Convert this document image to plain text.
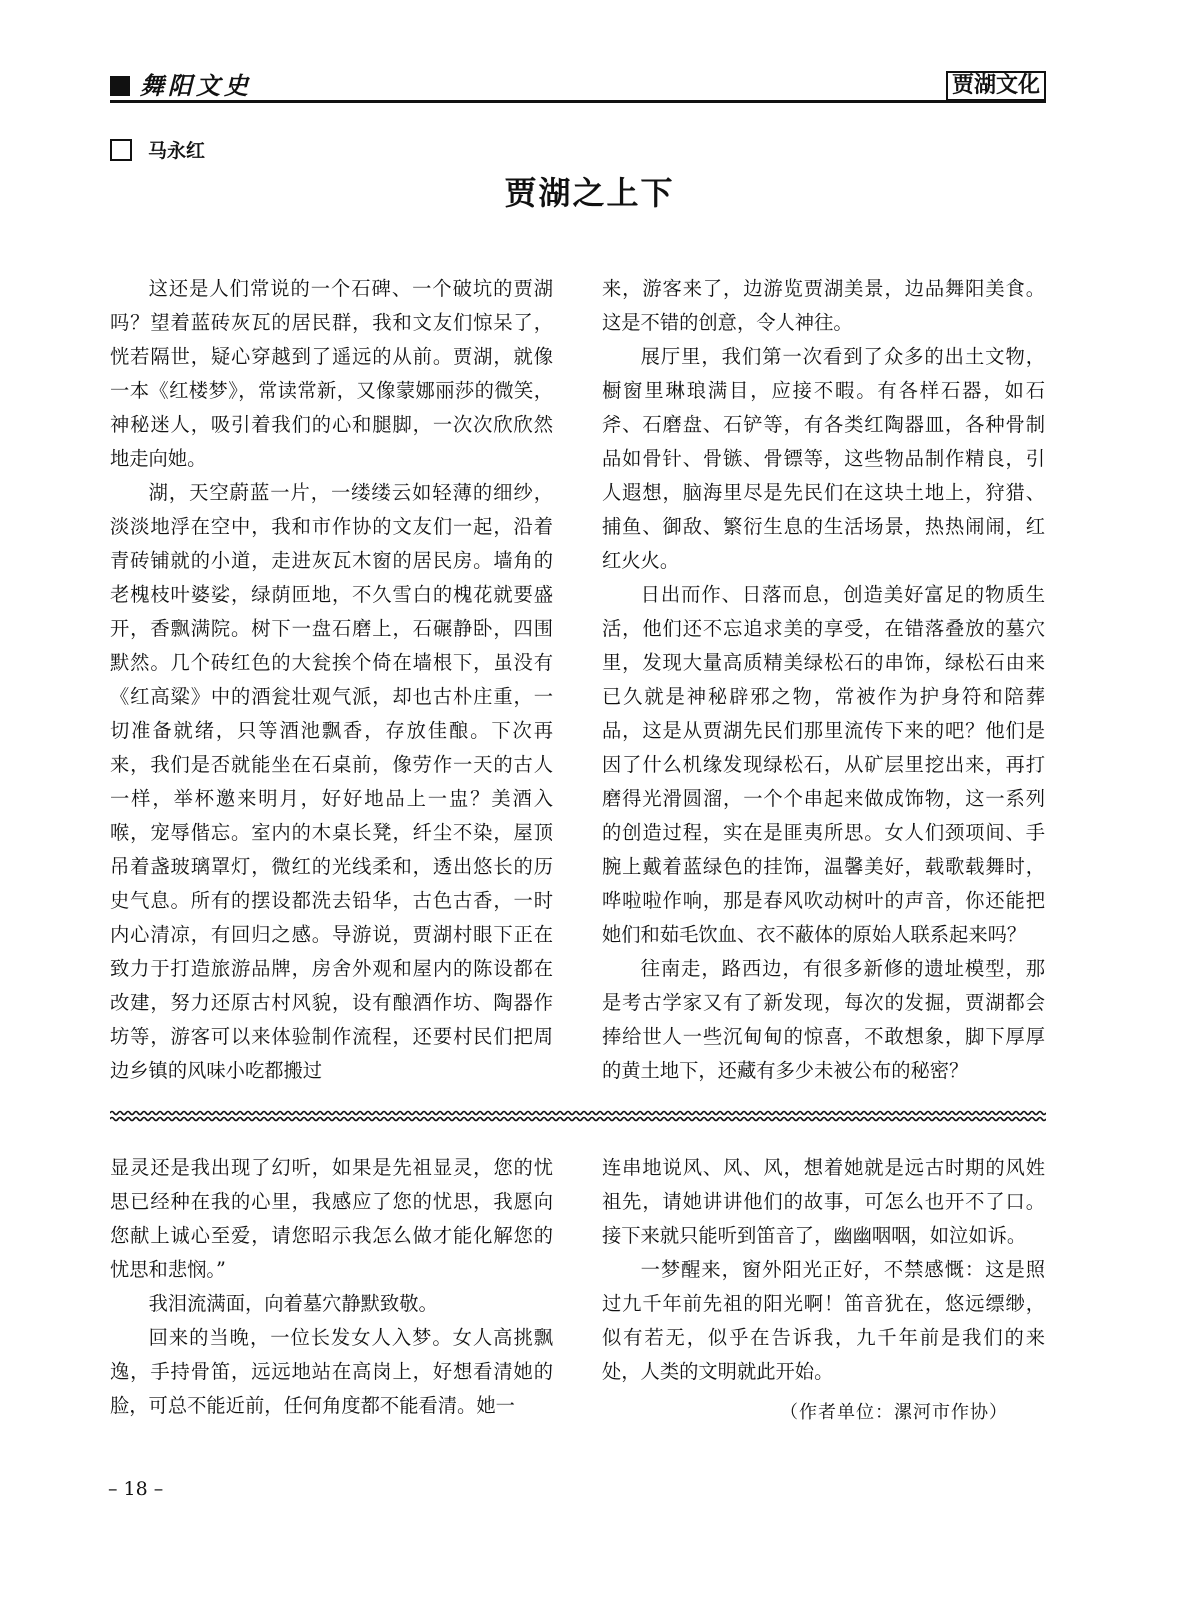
舞阳文史	贾湖文化
马永红
贾湖之上下

这还是人们常说的一个石碑、一个破坑的贾湖吗？望着蓝砖灰瓦的居民群，我和文友们惊呆了，恍若隔世，疑心穿越到了遥远的从前。贾湖，就像一本《红楼梦》，常读常新，又像蒙娜丽莎的微笑，神秘迷人，吸引着我们的心和腿脚，一次次欣欣然地走向她。

湖，天空蔚蓝一片，一缕缕云如轻薄的细纱，淡淡地浮在空中，我和市作协的文友们一起，沿着青砖铺就的小道，走进灰瓦木窗的居民房。墙角的老槐枝叶婆娑，绿荫匝地，不久雪白的槐花就要盛开，香飘满院。树下一盘石磨上，石碾静卧，四围默然。几个砖红色的大瓮挨个倚在墙根下，虽没有《红高粱》中的酒瓮壮观气派，却也古朴庄重，一切准备就绪，只等酒池飘香，存放佳酿。下次再来，我们是否就能坐在石桌前，像劳作一天的古人一样，举杯邀来明月，好好地品上一盅？美酒入喉，宠辱偕忘。室内的木桌长凳，纤尘不染，屋顶吊着盏玻璃罩灯，微红的光线柔和，透出悠长的历史气息。所有的摆设都洗去铅华，古色古香，一时内心清凉，有回归之感。导游说，贾湖村眼下正在致力于打造旅游品牌，房舍外观和屋内的陈设都在改建，努力还原古村风貌，设有酿酒作坊、陶器作坊等，游客可以来体验制作流程，还要村民们把周边乡镇的风味小吃都搬过

来，游客来了，边游览贾湖美景，边品舞阳美食。这是不错的创意，令人神往。

展厅里，我们第一次看到了众多的出土文物，橱窗里琳琅满目，应接不暇。有各样石器，如石斧、石磨盘、石铲等，有各类红陶器皿，各种骨制品如骨针、骨镞、骨镖等，这些物品制作精良，引人遐想，脑海里尽是先民们在这块土地上，狩猎、捕鱼、御敌、繁衍生息的生活场景，热热闹闹，红红火火。

日出而作、日落而息，创造美好富足的物质生活，他们还不忘追求美的享受，在错落叠放的墓穴里，发现大量高质精美绿松石的串饰，绿松石由来已久就是神秘辟邪之物，常被作为护身符和陪葬品，这是从贾湖先民们那里流传下来的吧？他们是因了什么机缘发现绿松石，从矿层里挖出来，再打磨得光滑圆溜，一个个串起来做成饰物，这一系列的创造过程，实在是匪夷所思。女人们颈项间、手腕上戴着蓝绿色的挂饰，温馨美好，载歌载舞时，哗啦啦作响，那是春风吹动树叶的声音，你还能把她们和茹毛饮血、衣不蔽体的原始人联系起来吗？

往南走，路西边，有很多新修的遗址模型，那是考古学家又有了新发现，每次的发掘，贾湖都会捧给世人一些沉甸甸的惊喜，不敢想象，脚下厚厚的黄土地下，还藏有多少未被公布的秘密？

显灵还是我出现了幻听，如果是先祖显灵，您的忧思已经种在我的心里，我感应了您的忧思，我愿向您献上诚心至爱，请您昭示我怎么做才能化解您的忧思和悲悯。”

我泪流满面，向着墓穴静默致敬。

回来的当晚，一位长发女人入梦。女人高挑飘逸，手持骨笛，远远地站在高岗上，好想看清她的脸，可总不能近前，任何角度都不能看清。她一

连串地说风、风、风，想着她就是远古时期的风姓祖先，请她讲讲他们的故事，可怎么也开不了口。接下来就只能听到笛音了，幽幽咽咽，如泣如诉。

一梦醒来，窗外阳光正好，不禁感慨：这是照过九千年前先祖的阳光啊！笛音犹在，悠远缥缈，似有若无，似乎在告诉我，九千年前是我们的来处，人类的文明就此开始。

（作者单位：漯河市作协）
– 18 –
